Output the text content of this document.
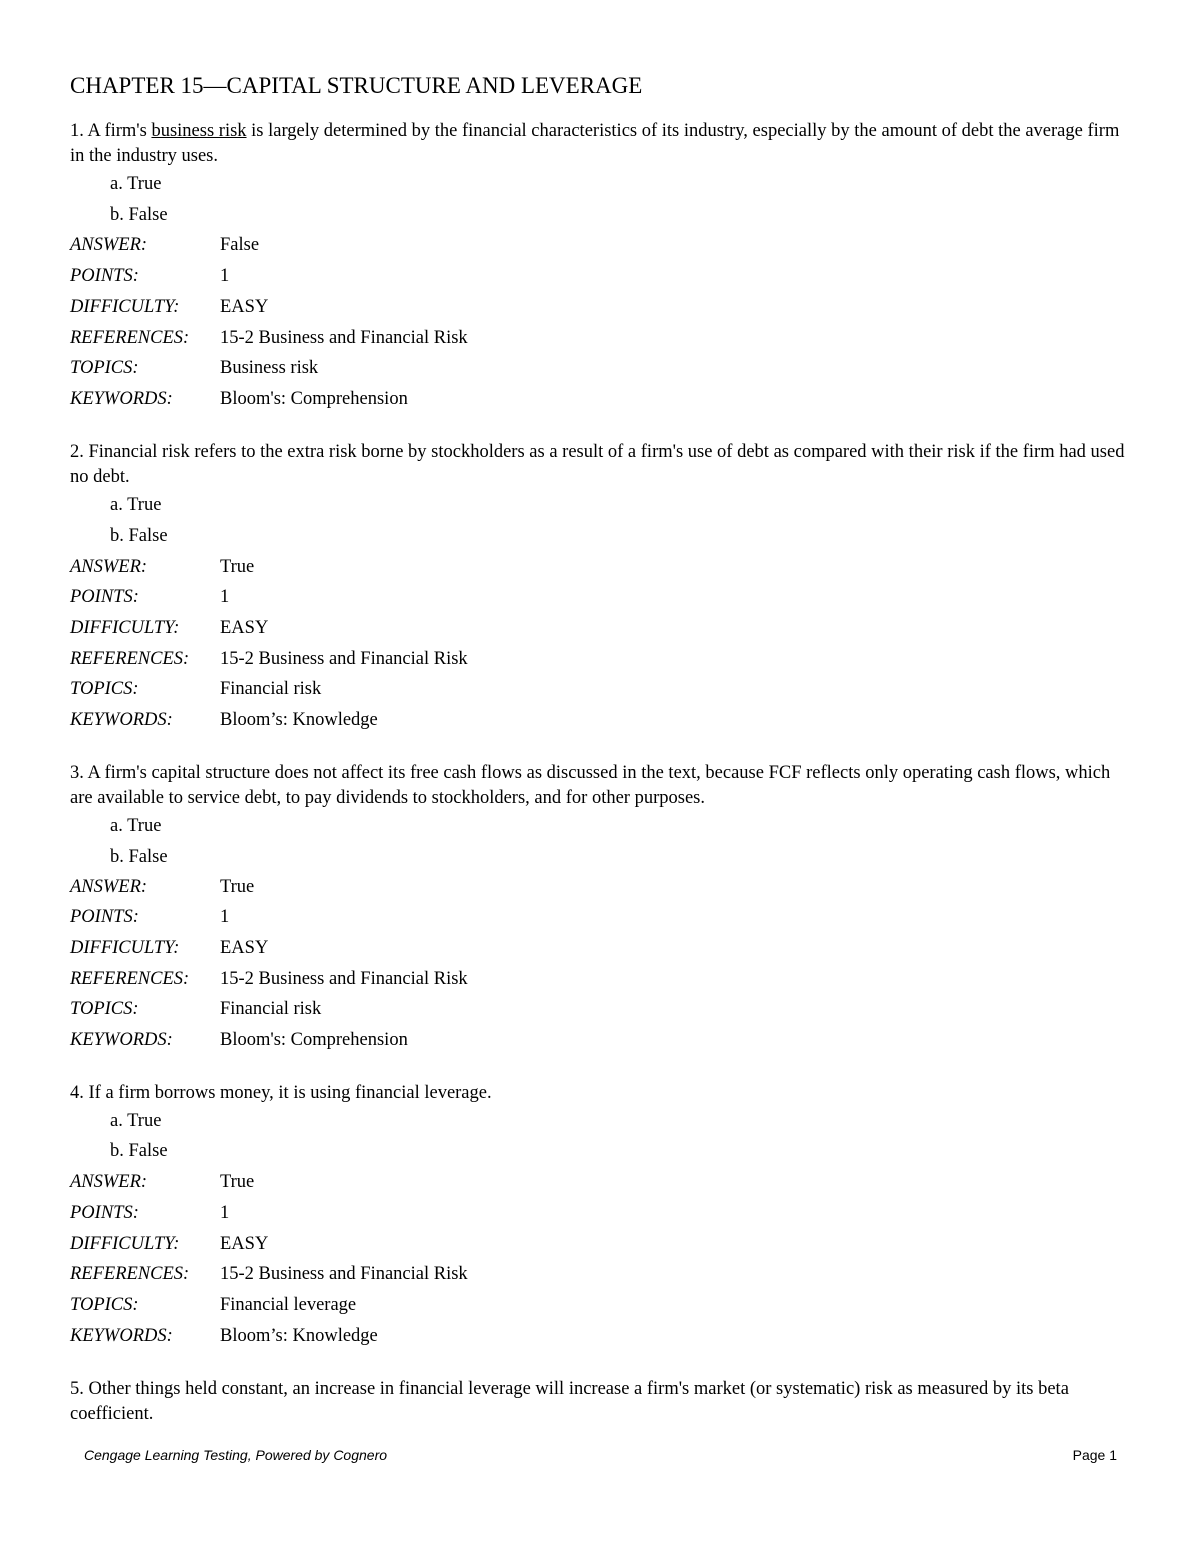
CHAPTER 15—CAPITAL STRUCTURE AND LEVERAGE

1. A firm's business risk is largely determined by the financial characteristics of its industry, especially by the amount of debt the average firm in the industry uses.

a. True
b. False
ANSWER:	False
POINTS:	1
DIFFICULTY: EASY
REFERENCES: 15-2 Business and Financial Risk
TOPICS:	Business risk
KEYWORDS:	Bloom's: Comprehension

2. Financial risk refers to the extra risk borne by stockholders as a result of a firm's use of debt as compared with their risk if the firm had used no debt.

a. True
b. False
ANSWER:	True
POINTS:	1
DIFFICULTY: EASY
REFERENCES: 15-2 Business and Financial Risk
TOPICS:	Financial risk
KEYWORDS:	Bloom’s: Knowledge

3. A firm's capital structure does not affect its free cash flows as discussed in the text, because FCF reflects only operating cash flows, which are available to service debt, to pay dividends to stockholders, and for other purposes.

a. True
b. False
ANSWER:	True
POINTS:	1
DIFFICULTY: EASY
REFERENCES: 15-2 Business and Financial Risk
TOPICS:	Financial risk
KEYWORDS:	Bloom's: Comprehension

4. If a firm borrows money, it is using financial leverage.

a. True
b. False
ANSWER:	True
POINTS:	1
DIFFICULTY: EASY
REFERENCES: 15-2 Business and Financial Risk
TOPICS:	Financial leverage
KEYWORDS:	Bloom’s: Knowledge

5. Other things held constant, an increase in financial leverage will increase a firm's market (or systematic) risk as measured by its beta coefficient.

Cengage Learning Testing, Powered by Cognero	Page 1
